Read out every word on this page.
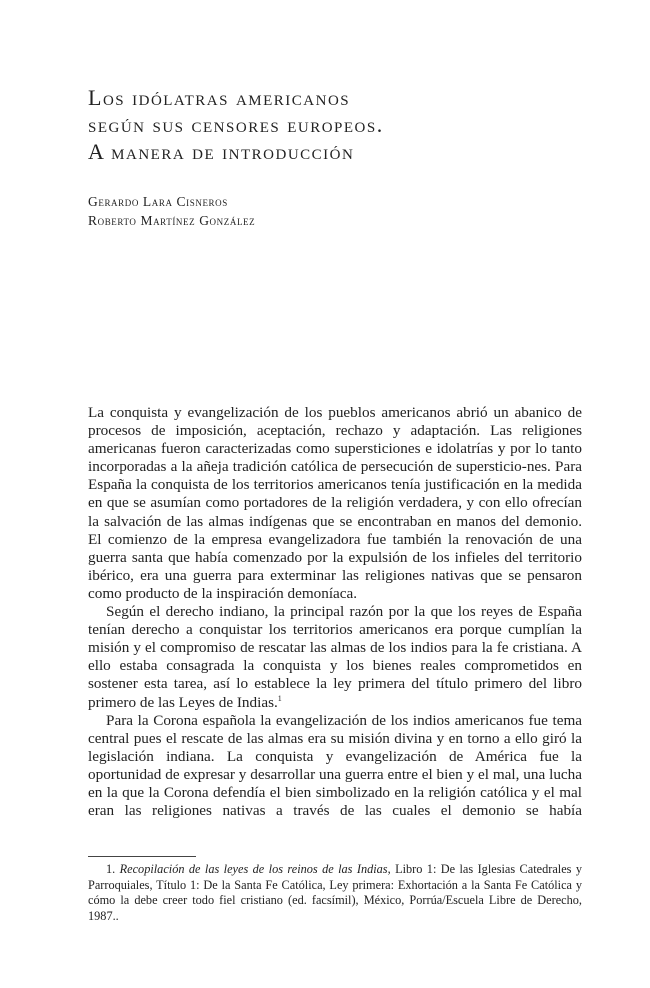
Los idólatras americanos
según sus censores europeos.
A manera de introducción
Gerardo Lara Cisneros
Roberto Martínez González

La conquista y evangelización de los pueblos americanos abrió un abanico de procesos de imposición, aceptación, rechazo y adaptación. Las religiones americanas fueron caracterizadas como supersticiones e idolatrías y por lo tanto incorporadas a la añeja tradición católica de persecución de supersticio-nes. Para España la conquista de los territorios americanos tenía justificación en la medida en que se asumían como portadores de la religión verdadera, y con ello ofrecían la salvación de las almas indígenas que se encontraban en manos del demonio. El comienzo de la empresa evangelizadora fue también la renovación de una guerra santa que había comenzado por la expulsión de los infieles del territorio ibérico, era una guerra para exterminar las religiones nativas que se pensaron como producto de la inspiración demoníaca.

Según el derecho indiano, la principal razón por la que los reyes de España tenían derecho a conquistar los territorios americanos era porque cumplían la misión y el compromiso de rescatar las almas de los indios para la fe cristiana. A ello estaba consagrada la conquista y los bienes reales comprometidos en sostener esta tarea, así lo establece la ley primera del título primero del libro primero de las Leyes de Indias.$^1$

Para la Corona española la evangelización de los indios americanos fue tema central pues el rescate de las almas era su misión divina y en torno a ello giró la legislación indiana. La conquista y evangelización de América fue la oportunidad de expresar y desarrollar una guerra entre el bien y el mal, una lucha en la que la Corona defendía el bien simbolizado en la religión católica y el mal eran las religiones nativas a través de las cuales el demonio se había

1. Recopilación de las leyes de los reinos de las Indias, Libro 1: De las Iglesias Catedrales y Parroquiales, Título 1: De la Santa Fe Católica, Ley primera: Exhortación a la Santa Fe Católica y cómo la debe creer todo fiel cristiano (ed. facsímil), México, Porrúa/Escuela Libre de Derecho, 1987..
